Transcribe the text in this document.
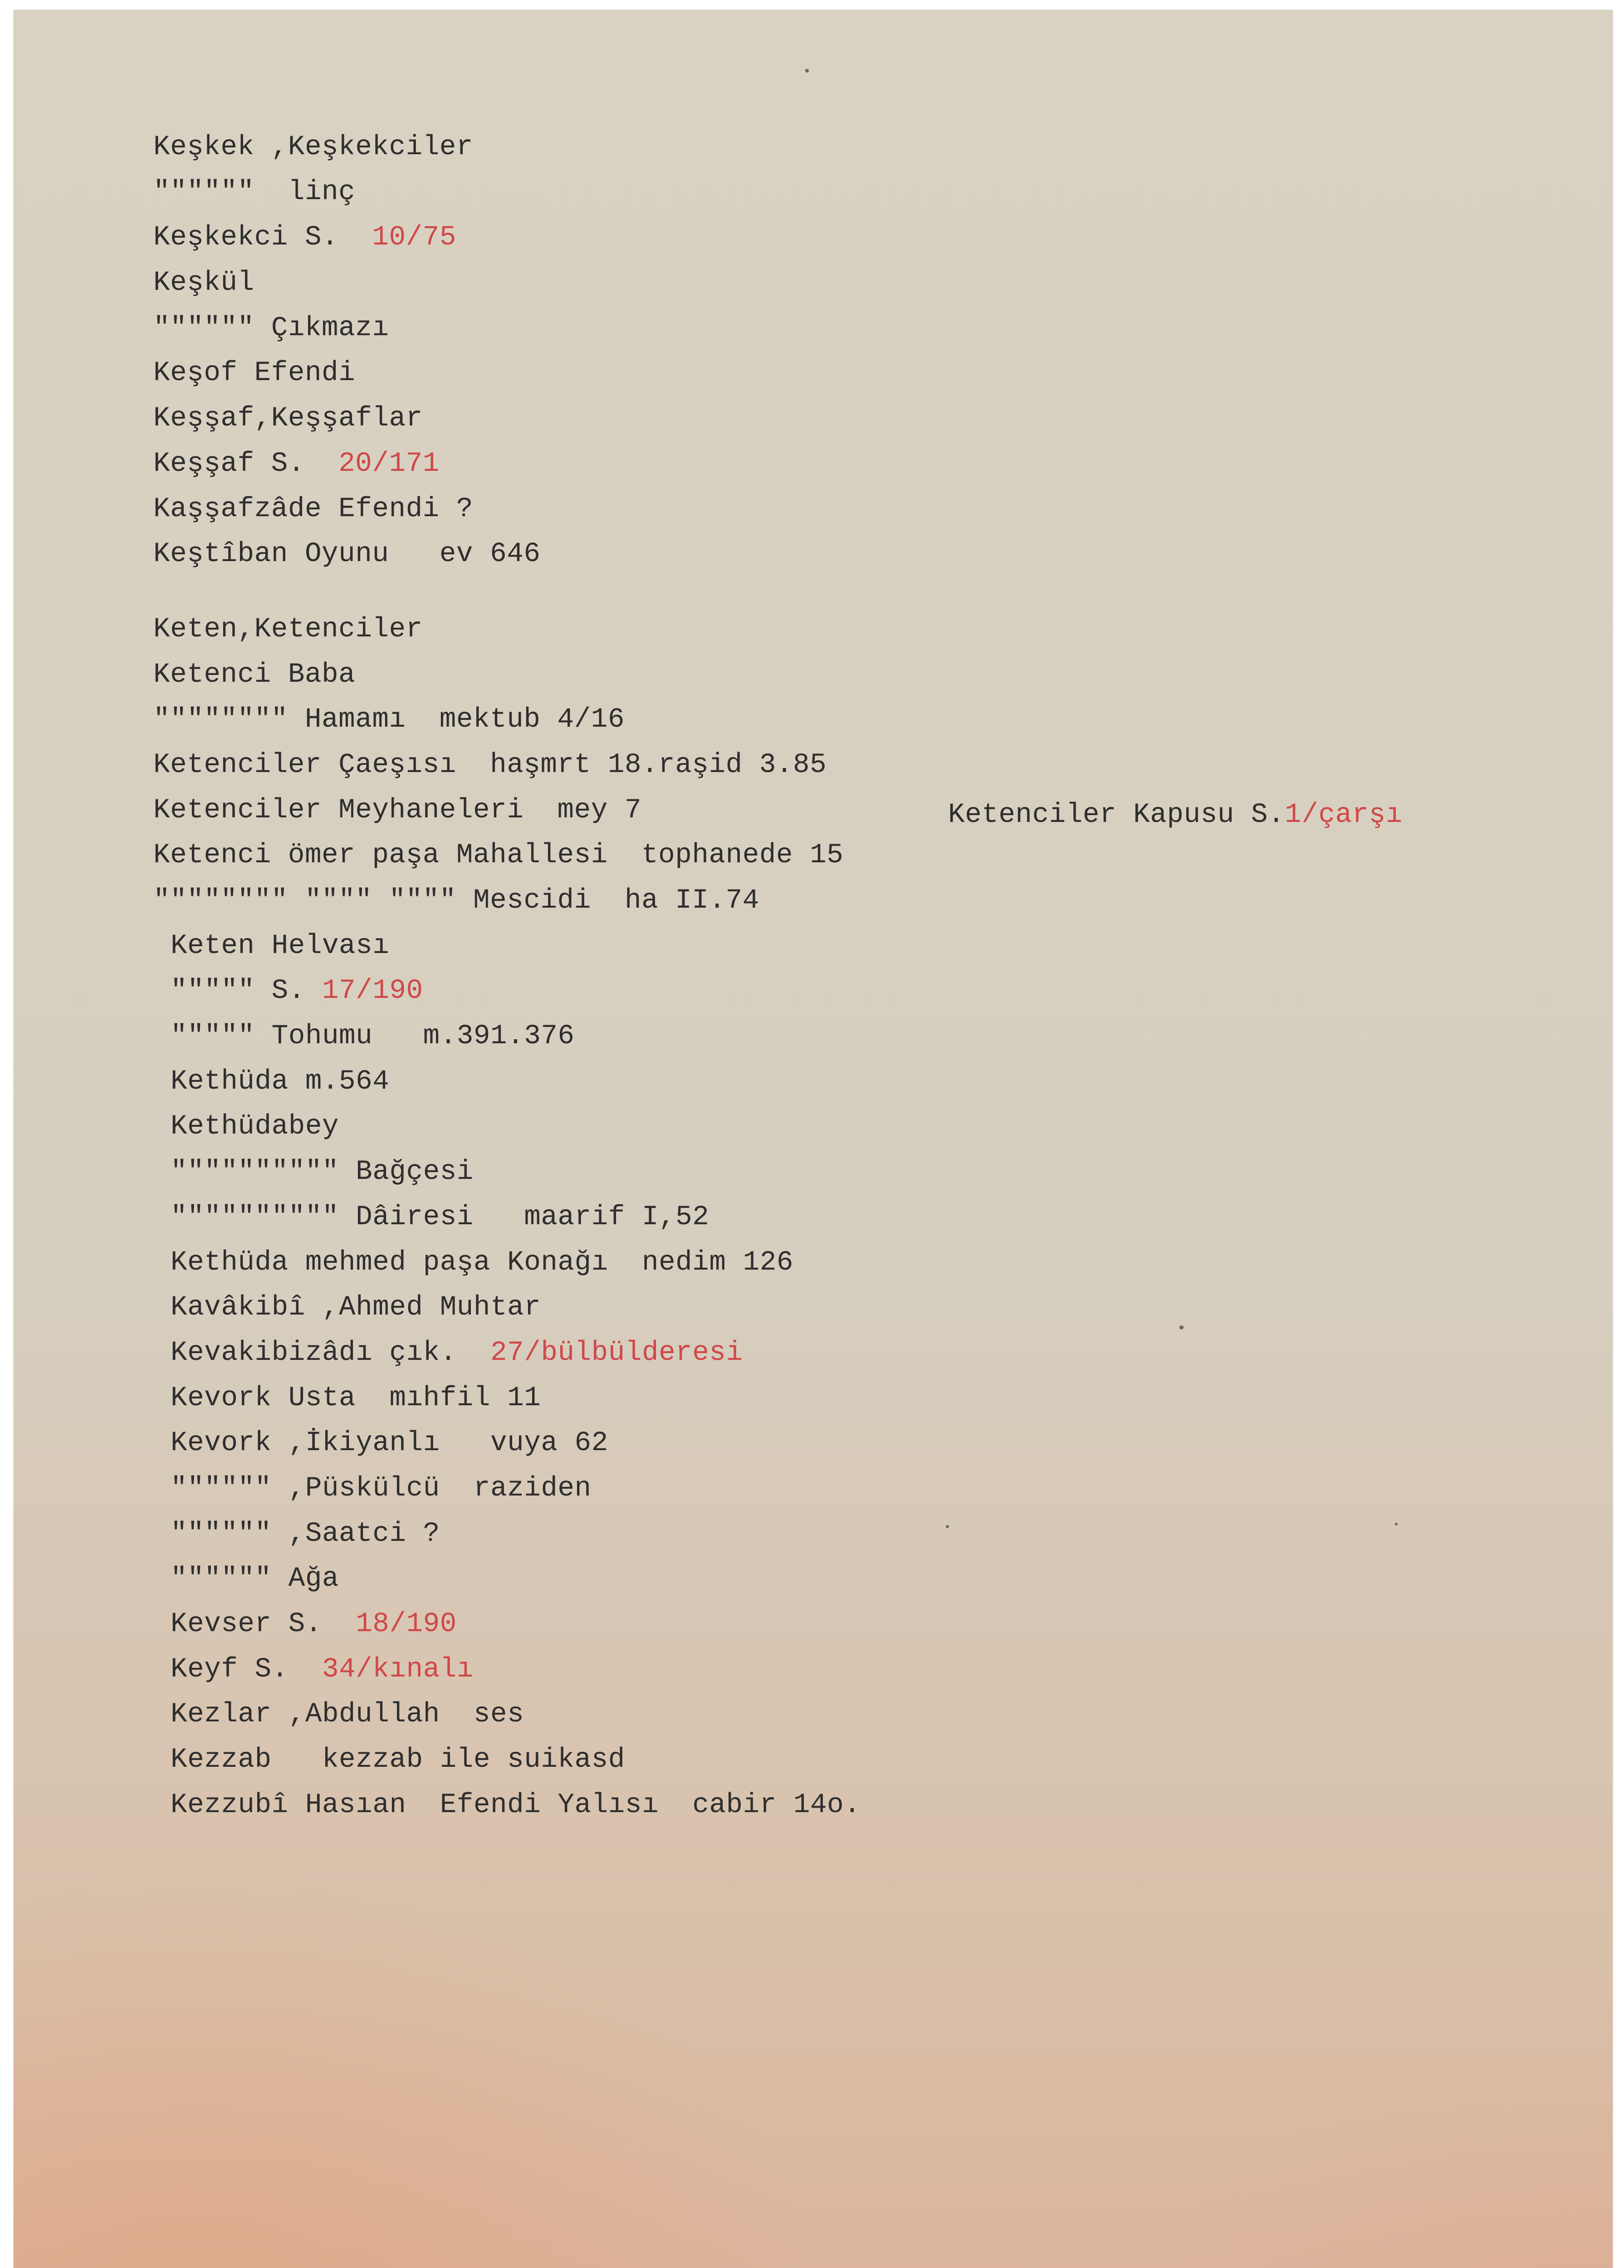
Keşkek ,Keşkekciler
""""""  linç
Keşkekci S.  10/75
Keşkül
"""""" Çıkmazı
Keşof Efendi
Keşşaf,Keşşaflar
Keşşaf S.  20/171
Kaşşafzâde Efendi ?
Keştîban Oyunu   ev 646
Keten,Ketenciler
Ketenci Baba
"""""""" Hamamı  mektub 4/16
Ketenciler Çaeşısı  haşmrt 18.raşid 3.85
Ketenciler Meyhaneleri  mey 7
Ketenci ömer paşa Mahallesi  tophanede 15
"""""""" """" """" Mescidi  ha II.74
Keten Helvası
""""" S. 17/190
""""" Tohumu   m.391.376
Kethüda m.564
Kethüdabey
"""""""""" Bağçesi
"""""""""" Dâiresi   maarif I,52
Kethüda mehmed paşa Konağı  nedim 126
Kavâkibî ,Ahmed Muhtar
Kevakibizâdı çık.  27/bülbülderesi
Kevork Usta  mıhfil 11
Kevork ,İkiyanlı   vuya 62
"""""" ,Püskülcü  raziden
"""""" ,Saatci ?
"""""" Ağa
Kevser S.  18/190
Keyf S.  34/kınalı
Kezlar ,Abdullah  ses
Kezzab   kezzab ile suikasd
Kezzubî Hasıan  Efendi Yalısı  cabir 14o.
Ketenciler Kapusu S.1/çarşı
